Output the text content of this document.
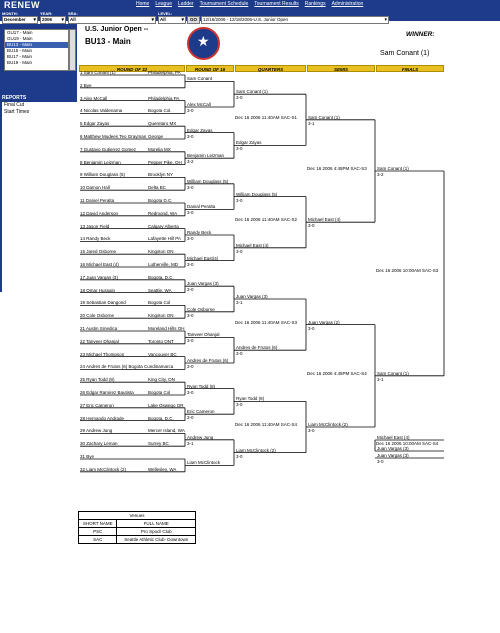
RENEW	Home League Ladder Tournament Schedule Tournament Results Rankings Administration
MONTH:	YEAR:	SRA:	LEVEL:
December ▾	2006 ▾	All ▾	All ▾	GO	12/16/2006 - 12/18/2006-U.S. Junior Open ▾
GU17 - Main
GU19 - Main
BU13 - Main
BU15 - Main
BU17 - Main
BU19 - Main
REPORTS
Final Cut
Start Times
U.S. Junior Open --
BU13 - Main
★
WINNER:
Sam Conant (1)
ROUND OF 32	ROUND OF 16	QUARTERS	SEMIS	FINALS
1 Sam Conant (1)	Philadelphia, PA
2 Bye
3 Alex McCall	Philadelphia PA
4 Nicolas Valdenama	Bogota Col.
5 Edgar Zayas	Queretaro MX
6 Matthew Mudees Teo Grayman George
7 Gustavo Gutierrez Gomez	Morelia MX
8 Benjamin Leizman	Pepper Pike, OH
9 William Douglass (5)	Brooklyn NY
10 Damon Hall	Delta BC
11 Daniel Peralta	Bogota D.C.
12 David Anderson	Redmond, WA
13 Jason Field	Calgary Alberta
14 Randy Beck	Lafayette Hill PA
15 Jared Osborne	Kingston ON
16 Michael East (4)	Lutherville, MD
17 Juan Vargas (3)	Bogota, D.C.
18 Omar Hussain	Seattle, WA
19 Sebastian Dangond	Bogota Col
20 Cole Osborne	Kingston ON
21 Austin Smedica	Moreland Hills OH
22 Tanveer Dhanjal	Toronto ONT
23 Michael Thompson	Vancouver BC
24 Andres de Frutos (6) Bogota Cundinamarca
25 Ryan Todd (8)	King City, ON
26 Edgar Ramirez Bautista	Bogota Col
27 Eric Cameron	Lake Oswego OR
28 Hernando Andrade	Bogota, D.C.
29 Andrew Jung	Mercer Island, WA
30 Zachary Leman	Surrey BC
31 Bye
32 Liam McClintock (2)	Wellesley, WA
Sam Conant
Alex McCall
3-0
Edgar Zayas
3-0
Benjamin Leizman
3-2
William Douglass (5)
3-0
Danial Peralta
3-0
Randy Beck
3-0
Michael East(4)
3-0
Juan Vargas (3)
3-0
Cole Osborne
3-0
Tanveer Dhanjal
3-0
Andres de Frutos (6)
3-0
Ryan Todd (8)
3-0
Eric Cameron
3-0
Andrew Jung
3-1
Liam McClintock
Sam Conant (1)
3-0
Edgar Zayas
3-0
William Douglass (5)
3-0
Michael East (4)
3-0
Juan Vargas (3)
3-1
Andres de Frutos (6)
3-0
Ryan Todd (8)
3-0
Liam McClintock (2)
3-0
Dec 16 2006 11:40AM SAC-S1
Dec 16 2006 11:40AM SAC-S2
Dec 16 2006 11:40AM SAC-S3
Dec 16 2006 11:40AM SAC-S4
Sam Conant (1)
3-1
Michael East (4)
3-0
Juan Vargas (2)
3-0
Liam McClintock (2)
3-0
Dec 16 2006 4:45PM SAC-S3
Dec 16 2006 4:45PM SAC-S4
Sam Conant (1)
3-2
Sam Conant (1)
3-1
Dec 16 2006 10:00AM SAC-S3
Michael East (4)
Dec 16 2006 10:00AM SAC-S4
Juan Vargas (3)
Juan Vargas (3)
3-0
Venues	
SHORT NAME	FULL NAME
PSC	Pro Spodr Club
SAC	Seattle Athletic Club- Downtown
